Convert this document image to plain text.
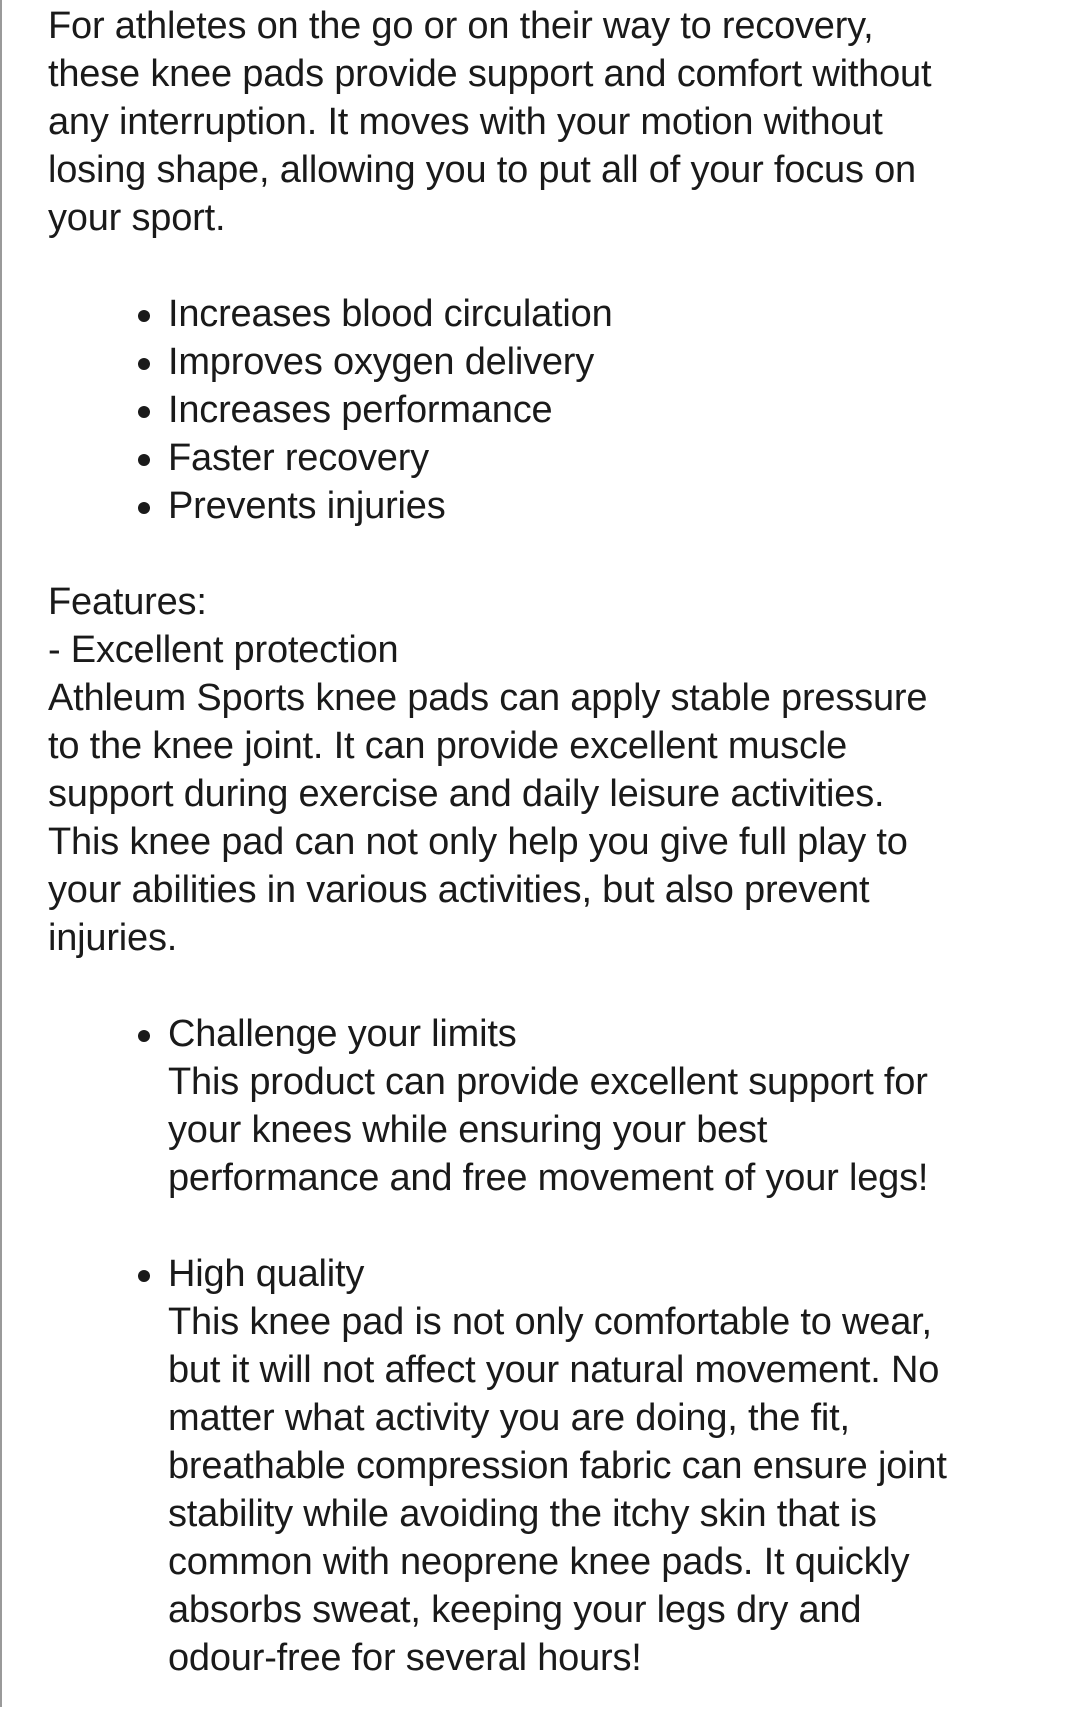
For athletes on the go or on their way to recovery,
these knee pads provide support and comfort without
any interruption. It moves with your motion without
losing shape, allowing you to put all of your focus on
your sport.

Increases blood circulation
Improves oxygen delivery
Increases performance
Faster recovery
Prevents injuries
Features:
- Excellent protection

Athleum Sports knee pads can apply stable pressure
to the knee joint. It can provide excellent muscle
support during exercise and daily leisure activities.
This knee pad can not only help you give full play to
your abilities in various activities, but also prevent
injuries.

Challenge your limits
This product can provide excellent support for
your knees while ensuring your best
performance and free movement of your legs!
High quality
This knee pad is not only comfortable to wear,
but it will not affect your natural movement. No
matter what activity you are doing, the fit,
breathable compression fabric can ensure joint
stability while avoiding the itchy skin that is
common with neoprene knee pads. It quickly
absorbs sweat, keeping your legs dry and
odour-free for several hours!
